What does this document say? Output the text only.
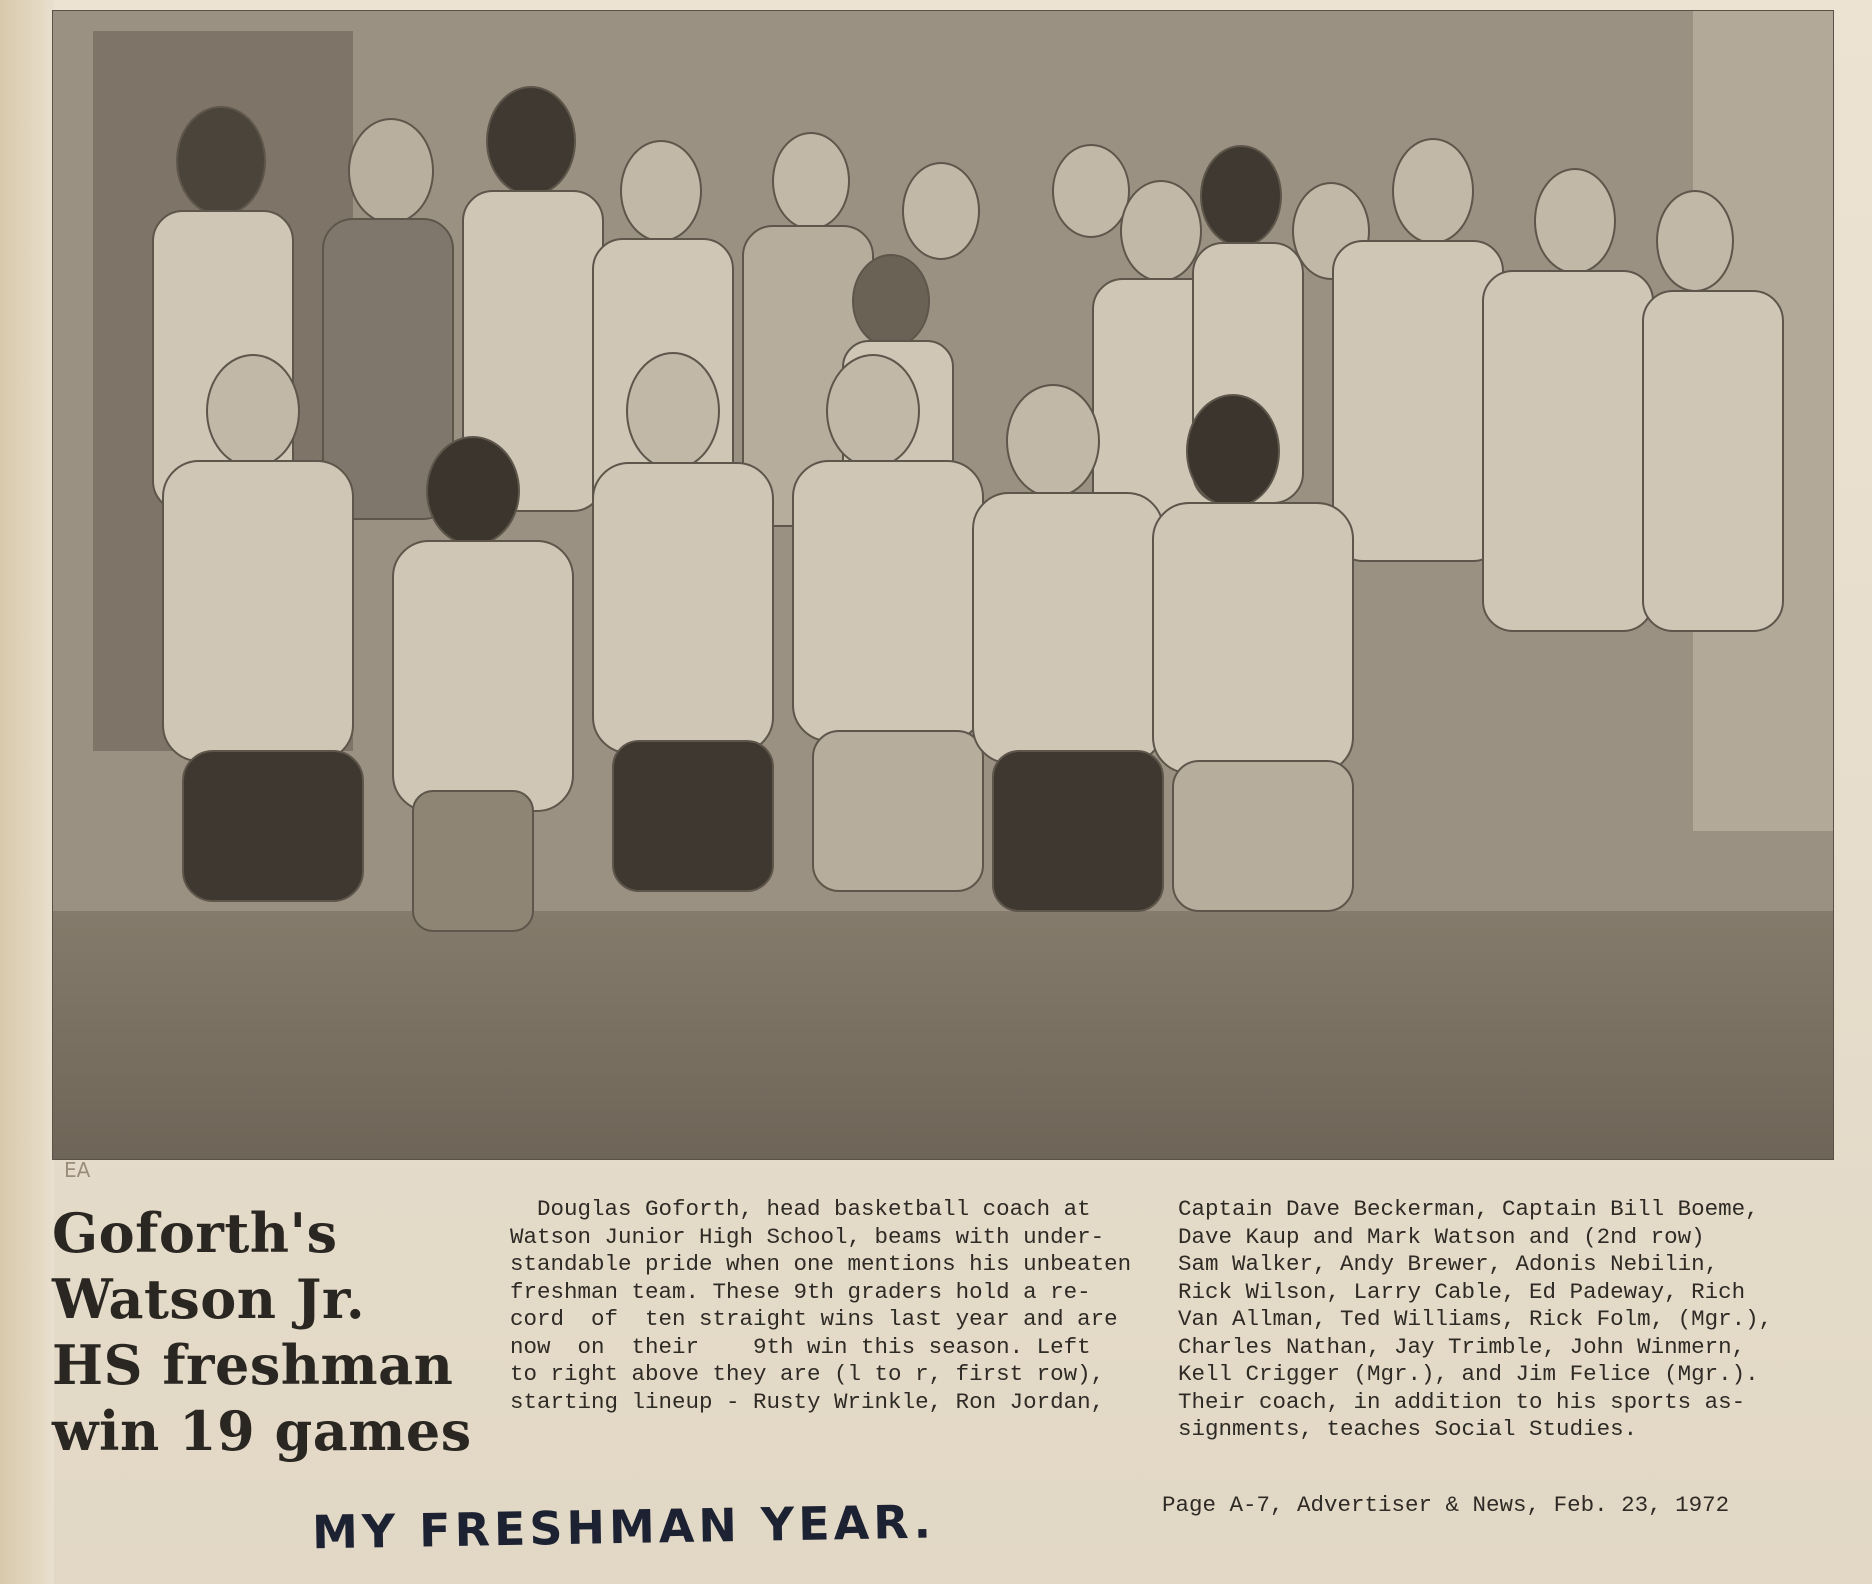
EA
Goforth's
Watson Jr.
HS freshman
win 19 games
Douglas Goforth, head basketball coach at
Watson Junior High School, beams with under-
standable pride when one mentions his unbeaten
freshman team. These 9th graders hold a re-
cord  of  ten straight wins last year and are
now  on  their    9th win this season. Left
to right above they are (l to r, first row),
starting lineup - Rusty Wrinkle, Ron Jordan,
Captain Dave Beckerman, Captain Bill Boeme,
Dave Kaup and Mark Watson and (2nd row)
Sam Walker, Andy Brewer, Adonis Nebilin,
Rick Wilson, Larry Cable, Ed Padeway, Rich
Van Allman, Ted Williams, Rick Folm, (Mgr.),
Charles Nathan, Jay Trimble, John Winmern,
Kell Crigger (Mgr.), and Jim Felice (Mgr.).
Their coach, in addition to his sports as-
signments, teaches Social Studies.
Page A-7, Advertiser & News, Feb. 23, 1972
MY FRESHMAN YEAR.
